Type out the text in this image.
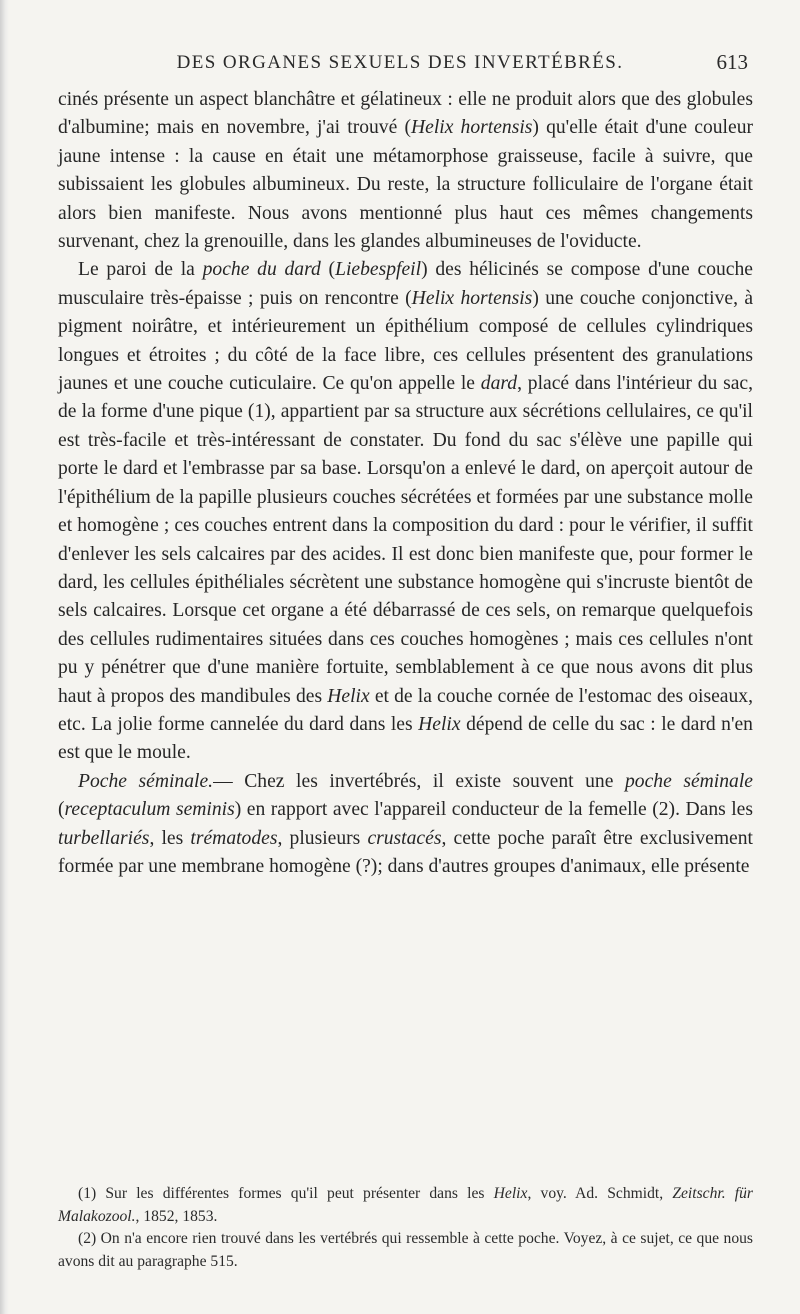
DES ORGANES SEXUELS DES INVERTÉBRÉS.	613

cinés présente un aspect blanchâtre et gélatineux : elle ne produit alors que des globules d'albumine; mais en novembre, j'ai trouvé (Helix hortensis) qu'elle était d'une couleur jaune intense : la cause en était une métamorphose graisseuse, facile à suivre, que subissaient les globules albumineux. Du reste, la structure folliculaire de l'organe était alors bien manifeste. Nous avons mentionné plus haut ces mêmes changements survenant, chez la grenouille, dans les glandes albumineuses de l'oviducte.

Le paroi de la poche du dard (Liebespfeil) des hélicinés se compose d'une couche musculaire très-épaisse ; puis on rencontre (Helix hortensis) une couche conjonctive, à pigment noirâtre, et intérieurement un épithélium composé de cellules cylindriques longues et étroites ; du côté de la face libre, ces cellules présentent des granulations jaunes et une couche cuticulaire. Ce qu'on appelle le dard, placé dans l'intérieur du sac, de la forme d'une pique (1), appartient par sa structure aux sécrétions cellulaires, ce qu'il est très-facile et très-intéressant de constater. Du fond du sac s'élève une papille qui porte le dard et l'embrasse par sa base. Lorsqu'on a enlevé le dard, on aperçoit autour de l'épithélium de la papille plusieurs couches sécrétées et formées par une substance molle et homogène ; ces couches entrent dans la composition du dard : pour le vérifier, il suffit d'enlever les sels calcaires par des acides. Il est donc bien manifeste que, pour former le dard, les cellules épithéliales sécrètent une substance homogène qui s'incruste bientôt de sels calcaires. Lorsque cet organe a été débarrassé de ces sels, on remarque quelquefois des cellules rudimentaires situées dans ces couches homogènes ; mais ces cellules n'ont pu y pénétrer que d'une manière fortuite, semblablement à ce que nous avons dit plus haut à propos des mandibules des Helix et de la couche cornée de l'estomac des oiseaux, etc. La jolie forme cannelée du dard dans les Helix dépend de celle du sac : le dard n'en est que le moule.

Poche séminale.— Chez les invertébrés, il existe souvent une poche séminale (receptaculum seminis) en rapport avec l'appareil conducteur de la femelle (2). Dans les turbellariés, les trématodes, plusieurs crustacés, cette poche paraît être exclusivement formée par une membrane homogène (?); dans d'autres groupes d'animaux, elle présente

(1) Sur les différentes formes qu'il peut présenter dans les Helix, voy. Ad. Schmidt, Zeitschr. für Malakozool., 1852, 1853.

(2) On n'a encore rien trouvé dans les vertébrés qui ressemble à cette poche. Voyez, à ce sujet, ce que nous avons dit au paragraphe 515.
